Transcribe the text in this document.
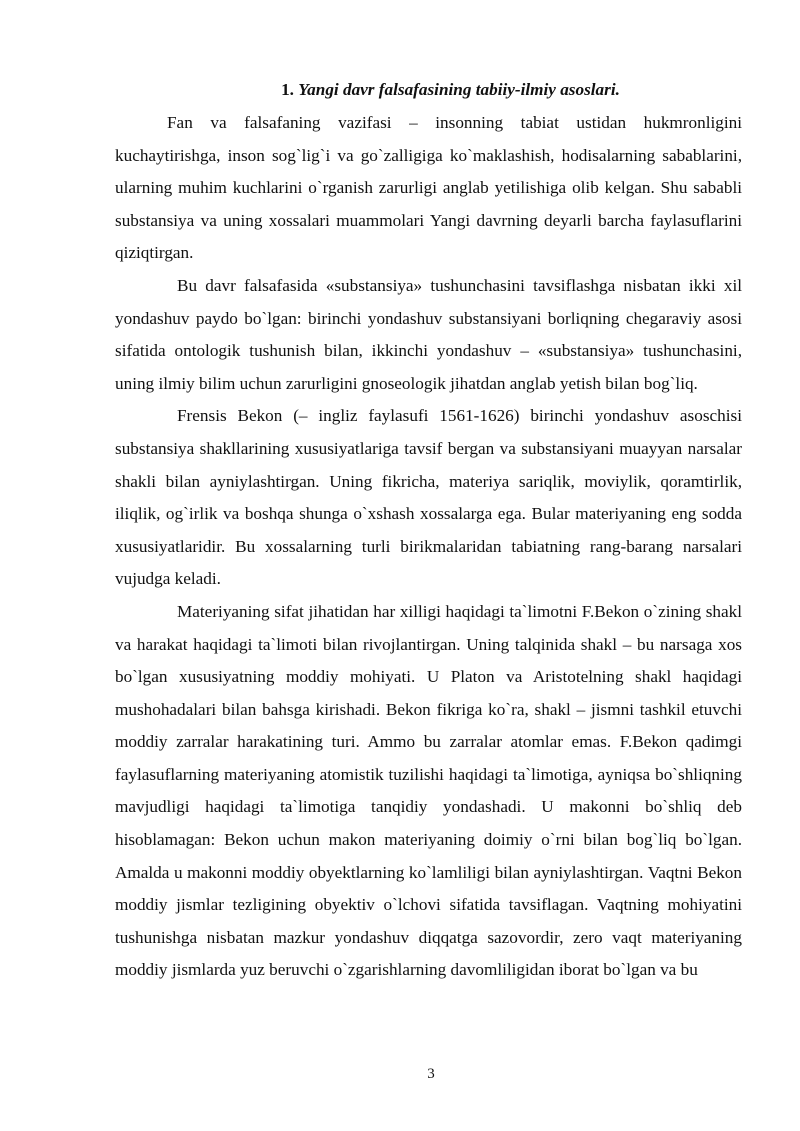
1. Yangi davr falsafasining tabiiy-ilmiy asoslari.

Fan va falsafaning vazifasi – insonning tabiat ustidan hukmronligini kuchaytirishga, inson sog`lig`i va go`zalligiga ko`maklashish, hodisalarning sabablarini, ularning muhim kuchlarini o`rganish zarurligi anglab yetilishiga olib kelgan. Shu sababli substansiya va uning xossalari muammolari Yangi davrning deyarli barcha faylasuflarini qiziqtirgan.

Bu davr falsafasida «substansiya» tushunchasini tavsiflashga nisbatan ikki xil yondashuv paydo bo`lgan: birinchi yondashuv substansiyani borliqning chegaraviy asosi sifatida ontologik tushunish bilan, ikkinchi yondashuv – «substansiya» tushunchasini, uning ilmiy bilim uchun zarurligini gnoseologik jihatdan anglab yetish bilan bog`liq.

Frensis Bekon (– ingliz faylasufi 1561-1626) birinchi yondashuv asoschisi substansiya shakllarining xususiyatlariga tavsif bergan va substansiyani muayyan narsalar shakli bilan ayniylashtirgan. Uning fikricha, materiya sariqlik, moviylik, qoramtirlik, iliqlik, og`irlik va boshqa shunga o`xshash xossalarga ega. Bular materiyaning eng sodda xususiyatlaridir. Bu xossalarning turli birikmalaridan tabiatning rang-barang narsalari vujudga keladi.

Materiyaning sifat jihatidan har xilligi haqidagi ta`limotni F.Bekon o`zining shakl va harakat haqidagi ta`limoti bilan rivojlantirgan. Uning talqinida shakl – bu narsaga xos bo`lgan xususiyatning moddiy mohiyati. U Platon va Aristotelning shakl haqidagi mushohadalari bilan bahsga kirishadi. Bekon fikriga ko`ra, shakl – jismni tashkil etuvchi moddiy zarralar harakatining turi. Ammo bu zarralar atomlar emas. F.Bekon qadimgi faylasuflarning materiyaning atomistik tuzilishi haqidagi ta`limotiga, ayniqsa bo`shliqning mavjudligi haqidagi ta`limotiga tanqidiy yondashadi. U makonni bo`shliq deb hisoblamagan: Bekon uchun makon materiyaning doimiy o`rni bilan bog`liq bo`lgan. Amalda u makonni moddiy obyektlarning ko`lamliligi bilan ayniylashtirgan. Vaqtni Bekon moddiy jismlar tezligining obyektiv o`lchovi sifatida tavsiflagan. Vaqtning mohiyatini tushunishga nisbatan mazkur yondashuv diqqatga sazovordir, zero vaqt materiyaning moddiy jismlarda yuz beruvchi o`zgarishlarning davomliligidan iborat bo`lgan va bu

3
